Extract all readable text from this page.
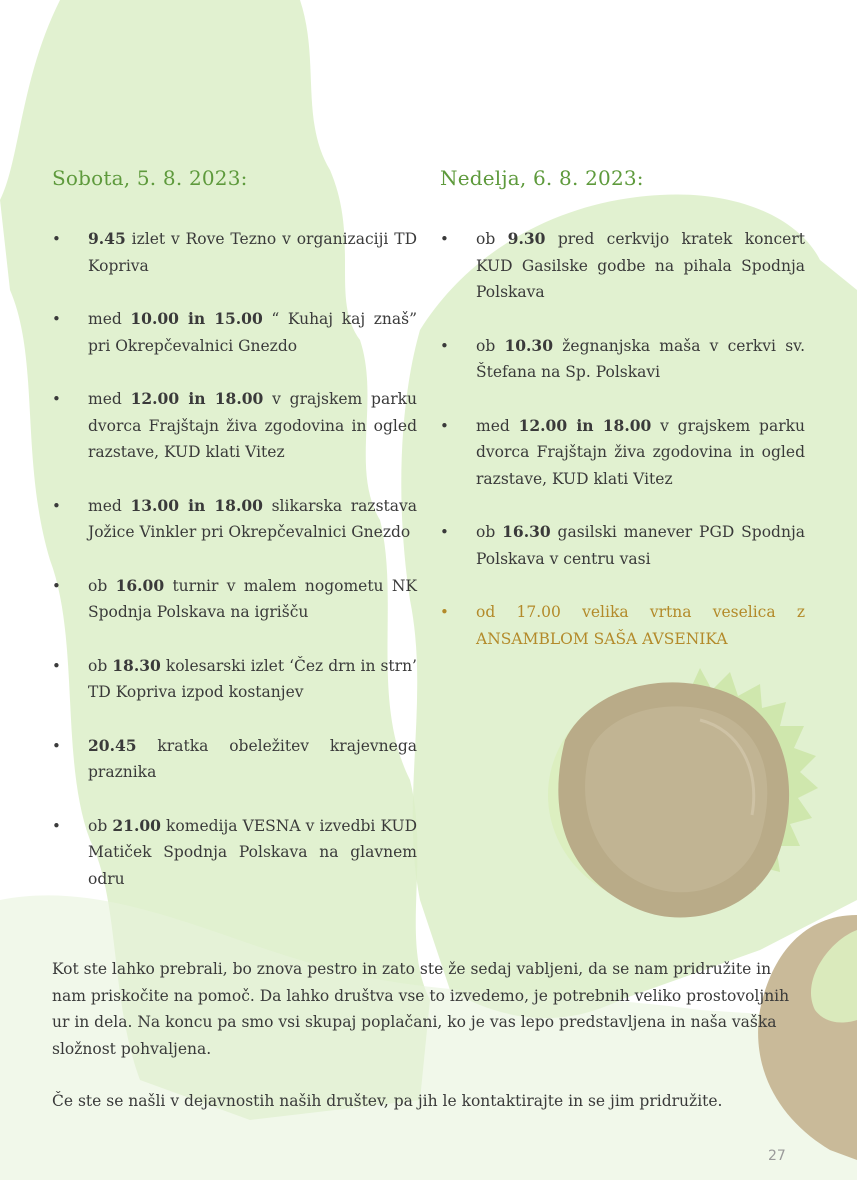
Sobota, 5. 8. 2023:
• 9.45 izlet v Rove Tezno v organizaciji TD Kopriva
• med 10.00 in 15.00 “ Kuhaj kaj znaš” pri Okrepčevalnici Gnezdo
• med 12.00 in 18.00 v grajskem parku dvorca Frajštajn živa zgodovina in ogled razstave, KUD klati Vitez
• med 13.00 in 18.00 slikarska razstava Jožice Vinkler pri Okrepčevalnici Gnezdo
• ob 16.00 turnir v malem nogometu NK Spodnja Polskava na igrišču
• ob 18.30 kolesarski izlet ‘Čez drn in strn’ TD Kopriva izpod kostanjev
• 20.45 kratka obeležitev krajevnega praznika
• ob 21.00 komedija VESNA v izvedbi KUD Matiček Spodnja Polskava na glavnem odru
Nedelja, 6. 8. 2023:
• ob 9.30 pred cerkvijo kratek koncert KUD Gasilske godbe na pihala Spodnja Polskava
• ob 10.30 žegnanjska maša v cerkvi sv. Štefana na Sp. Polskavi
• med 12.00 in 18.00 v grajskem parku dvorca Frajštajn živa zgodovina in ogled razstave, KUD klati Vitez
• ob 16.30 gasilski manever PGD Spodnja Polskava v centru vasi
• od 17.00 velika vrtna veselica z ANSAMBLOM SAŠA AVSENIKA

Kot ste lahko prebrali, bo znova pestro in zato ste že sedaj vabljeni, da se nam pridružite in nam priskočite na pomoč. Da lahko društva vse to izvedemo, je potrebnih veliko prostovoljnih ur in dela. Na koncu pa smo vsi skupaj poplačani, ko je vas lepo predstavljena in naša vaška složnost pohvaljena.

Če ste se našli v dejavnostih naših društev, pa jih le kontaktirajte in se jim pridružite.

27
